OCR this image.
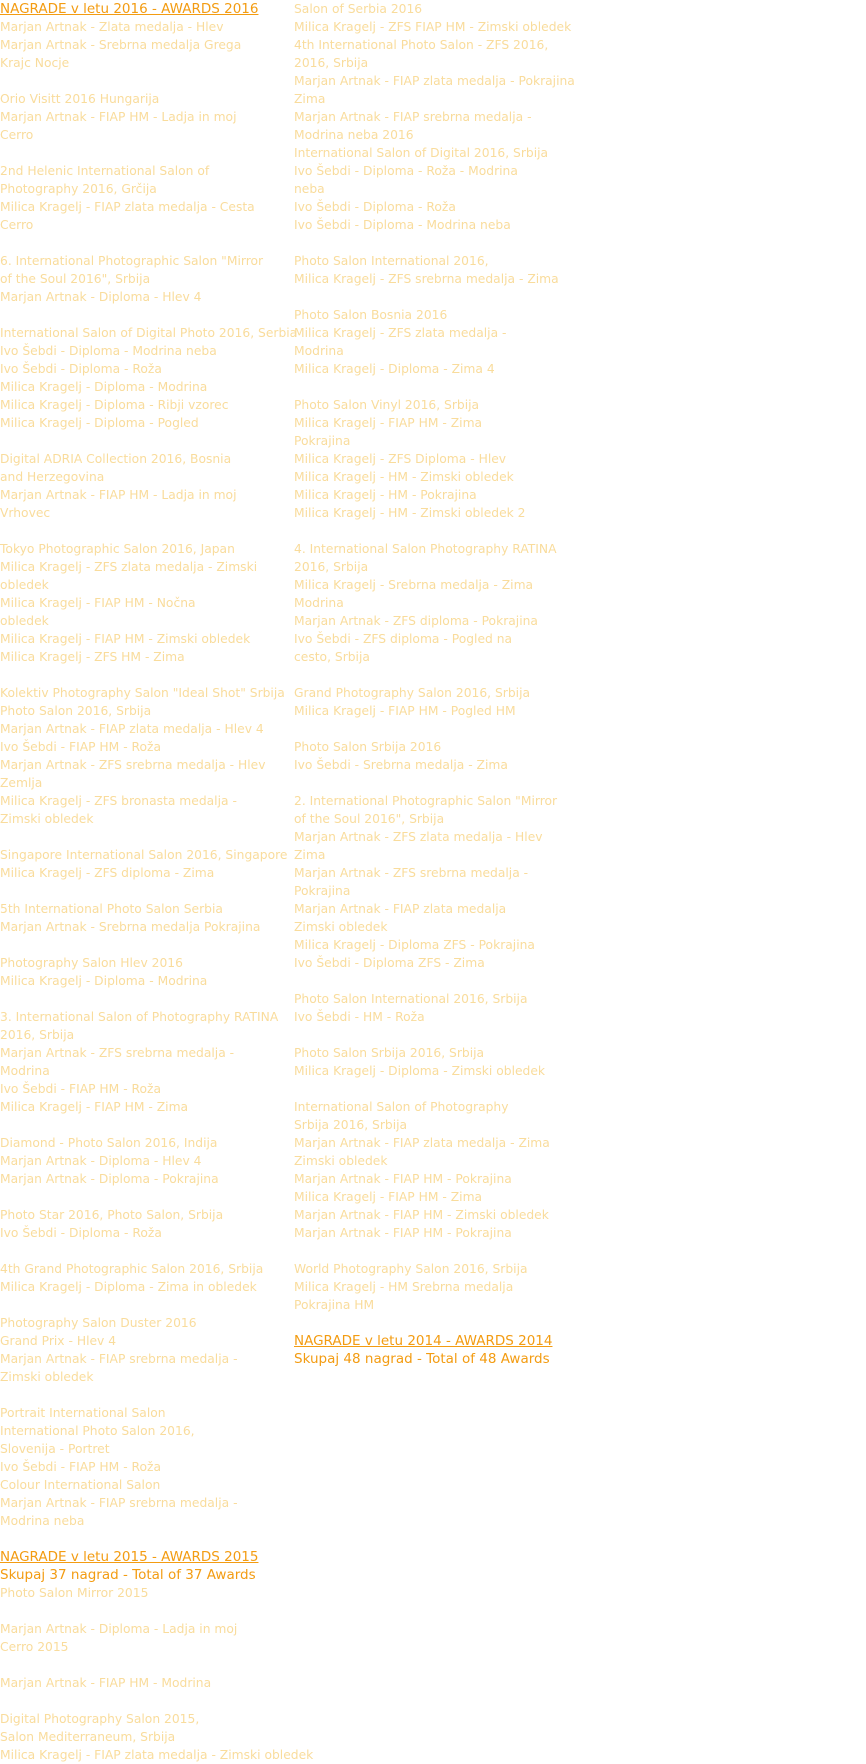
NAGRADE v letu 2016 - AWARDS 2016
Marjan Artnak - Zlata medalja - Hlev
Marjan Artnak - Srebrna medalja Grega
Krajc Nocje
Orio Visitt 2016 Hungarija
Marjan Artnak - FIAP HM - Ladja in moj
Cerro
2nd Helenic International Salon of
Photography 2016, Grčija
Milica Kragelj - FIAP zlata medalja - Cesta
Cerro
6. International Photographic Salon "Mirror
of the Soul 2016", Srbija
Marjan Artnak - Diploma - Hlev 4
International Salon of Digital Photo 2016, Serbia
Ivo Šebdi - Diploma - Modrina neba
Ivo Šebdi - Diploma - Roža
Milica Kragelj - Diploma - Modrina
Milica Kragelj - Diploma - Ribji vzorec
Milica Kragelj - Diploma - Pogled
Digital ADRIA Collection 2016, Bosnia
and Herzegovina
Marjan Artnak - FIAP HM - Ladja in moj
Vrhovec
Tokyo Photographic Salon 2016, Japan
Milica Kragelj - ZFS zlata medalja - Zimski
obledek
Milica Kragelj - FIAP HM - Nočna
obledek
Milica Kragelj - FIAP HM - Zimski obledek
Milica Kragelj - ZFS HM - Zima
Kolektiv Photography Salon "Ideal Shot" Srbija
Photo Salon 2016, Srbija
Marjan Artnak - FIAP zlata medalja - Hlev 4
Ivo Šebdi - FIAP HM - Roža
Marjan Artnak - ZFS srebrna medalja - Hlev
Zemlja
Milica Kragelj - ZFS bronasta medalja -
Zimski obledek
Singapore International Salon 2016, Singapore
Milica Kragelj - ZFS diploma - Zima
5th International Photo Salon Serbia
Marjan Artnak - Srebrna medalja Pokrajina
Photography Salon Hlev 2016
Milica Kragelj - Diploma - Modrina
3. International Salon of Photography RATINA
2016, Srbija
Marjan Artnak - ZFS srebrna medalja -
Modrina
Ivo Šebdi - FIAP HM - Roža
Milica Kragelj - FIAP HM - Zima
Diamond - Photo Salon 2016, Indija
Marjan Artnak - Diploma - Hlev 4
Marjan Artnak - Diploma - Pokrajina
Photo Star 2016, Photo Salon, Srbija
Ivo Šebdi - Diploma - Roža
4th Grand Photographic Salon 2016, Srbija
Milica Kragelj - Diploma - Zima in obledek
Photography Salon Duster 2016
Grand Prix - Hlev 4
Marjan Artnak - FIAP srebrna medalja -
Zimski obledek
Portrait International Salon
International Photo Salon 2016,
Slovenija - Portret
Ivo Šebdi - FIAP HM - Roža
Colour International Salon
Marjan Artnak - FIAP srebrna medalja -
Modrina neba
NAGRADE v letu 2015 - AWARDS 2015
Skupaj 37 nagrad - Total of 37 Awards
Photo Salon Mirror 2015
Marjan Artnak - Diploma - Ladja in moj
Cerro 2015
Marjan Artnak - FIAP HM - Modrina
Digital Photography Salon 2015,
Salon Mediterraneum, Srbija
Milica Kragelj - FIAP zlata medalja - Zimski obledek
Salon of Serbia 2016
Milica Kragelj - ZFS FIAP HM - Zimski obledek
4th International Photo Salon - ZFS 2016,
2016, Srbija
Marjan Artnak - FIAP zlata medalja - Pokrajina
Zima
Marjan Artnak - FIAP srebrna medalja -
Modrina neba 2016
International Salon of Digital 2016, Srbija
Ivo Šebdi - Diploma - Roža - Modrina
neba
Ivo Šebdi - Diploma - Roža
Ivo Šebdi - Diploma - Modrina neba
Photo Salon International 2016,
Milica Kragelj - ZFS srebrna medalja - Zima
Photo Salon Bosnia 2016
Milica Kragelj - ZFS zlata medalja -
Modrina
Milica Kragelj - Diploma - Zima 4
Photo Salon Vinyl 2016, Srbija
Milica Kragelj - FIAP HM - Zima
Pokrajina
Milica Kragelj - ZFS Diploma - Hlev
Milica Kragelj - HM - Zimski obledek
Milica Kragelj - HM - Pokrajina
Milica Kragelj - HM - Zimski obledek 2
4. International Salon Photography RATINA
2016, Srbija
Milica Kragelj - Srebrna medalja - Zima
Modrina
Marjan Artnak - ZFS diploma - Pokrajina
Ivo Šebdi - ZFS diploma - Pogled na
cesto, Srbija
Grand Photography Salon 2016, Srbija
Milica Kragelj - FIAP HM - Pogled HM
Photo Salon Srbija 2016
Ivo Šebdi - Srebrna medalja - Zima
2. International Photographic Salon "Mirror
of the Soul 2016", Srbija
Marjan Artnak - ZFS zlata medalja - Hlev
Zima
Marjan Artnak - ZFS srebrna medalja -
Pokrajina
Marjan Artnak - FIAP zlata medalja
Zimski obledek
Milica Kragelj - Diploma ZFS - Pokrajina
Ivo Šebdi - Diploma ZFS - Zima
Photo Salon International 2016, Srbija
Ivo Šebdi - HM - Roža
Photo Salon Srbija 2016, Srbija
Milica Kragelj - Diploma - Zimski obledek
International Salon of Photography
Srbija 2016, Srbija
Marjan Artnak - FIAP zlata medalja - Zima
Zimski obledek
Marjan Artnak - FIAP HM - Pokrajina
Milica Kragelj - FIAP HM - Zima
Marjan Artnak - FIAP HM - Zimski obledek
Marjan Artnak - FIAP HM - Pokrajina
World Photography Salon 2016, Srbija
Milica Kragelj - HM Srebrna medalja
Pokrajina HM
NAGRADE v letu 2014 - AWARDS 2014
Skupaj 48 nagrad - Total of 48 Awards
